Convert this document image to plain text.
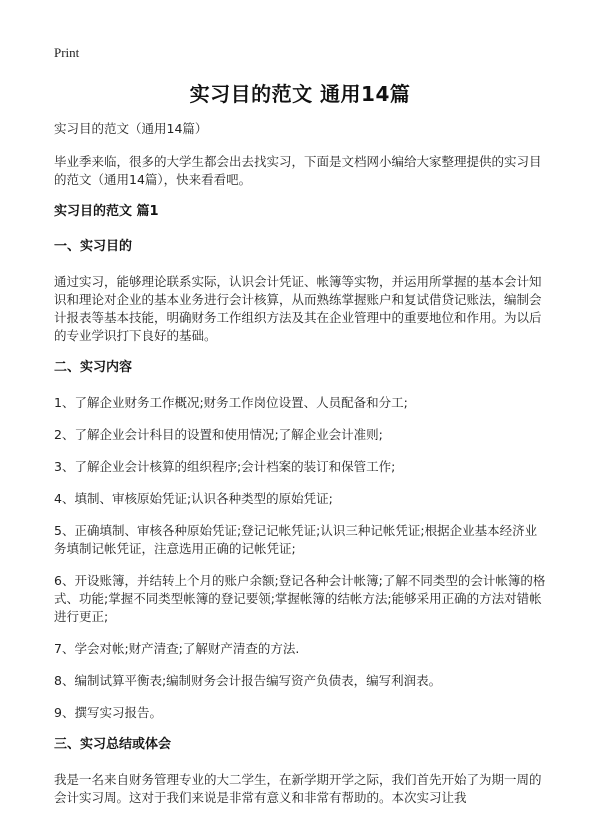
Print
实习目的范文 通用14篇

实习目的范文（通用14篇）

毕业季来临，很多的大学生都会出去找实习，下面是文档网小编给大家整理提供的实习目的范文（通用14篇），快来看看吧。

实习目的范文 篇1
一、实习目的

通过实习，能够理论联系实际，认识会计凭证、帐簿等实物，并运用所掌握的基本会计知识和理论对企业的基本业务进行会计核算，从而熟练掌握账户和复试借贷记账法，编制会计报表等基本技能，明确财务工作组织方法及其在企业管理中的重要地位和作用。为以后的专业学识打下良好的基础。

二、实习内容

1、了解企业财务工作概况;财务工作岗位设置、人员配备和分工;

2、了解企业会计科目的设置和使用情况;了解企业会计准则;

3、了解企业会计核算的组织程序;会计档案的装订和保管工作;

4、填制、审核原始凭证;认识各种类型的原始凭证;

5、正确填制、审核各种原始凭证;登记记帐凭证;认识三种记帐凭证;根据企业基本经济业务填制记帐凭证，注意选用正确的记帐凭证;

6、开设账簿，并结转上个月的账户余额;登记各种会计帐簿;了解不同类型的会计帐簿的格式、功能;掌握不同类型帐簿的登记要领;掌握帐簿的结帐方法;能够采用正确的方法对错帐进行更正;

7、学会对帐;财产清查;了解财产清查的方法.

8、编制试算平衡表;编制财务会计报告编写资产负债表，编写利润表。

9、撰写实习报告。

三、实习总结或体会

我是一名来自财务管理专业的大二学生，在新学期开学之际，我们首先开始了为期一周的会计实习周。这对于我们来说是非常有意义和非常有帮助的。本次实习让我
